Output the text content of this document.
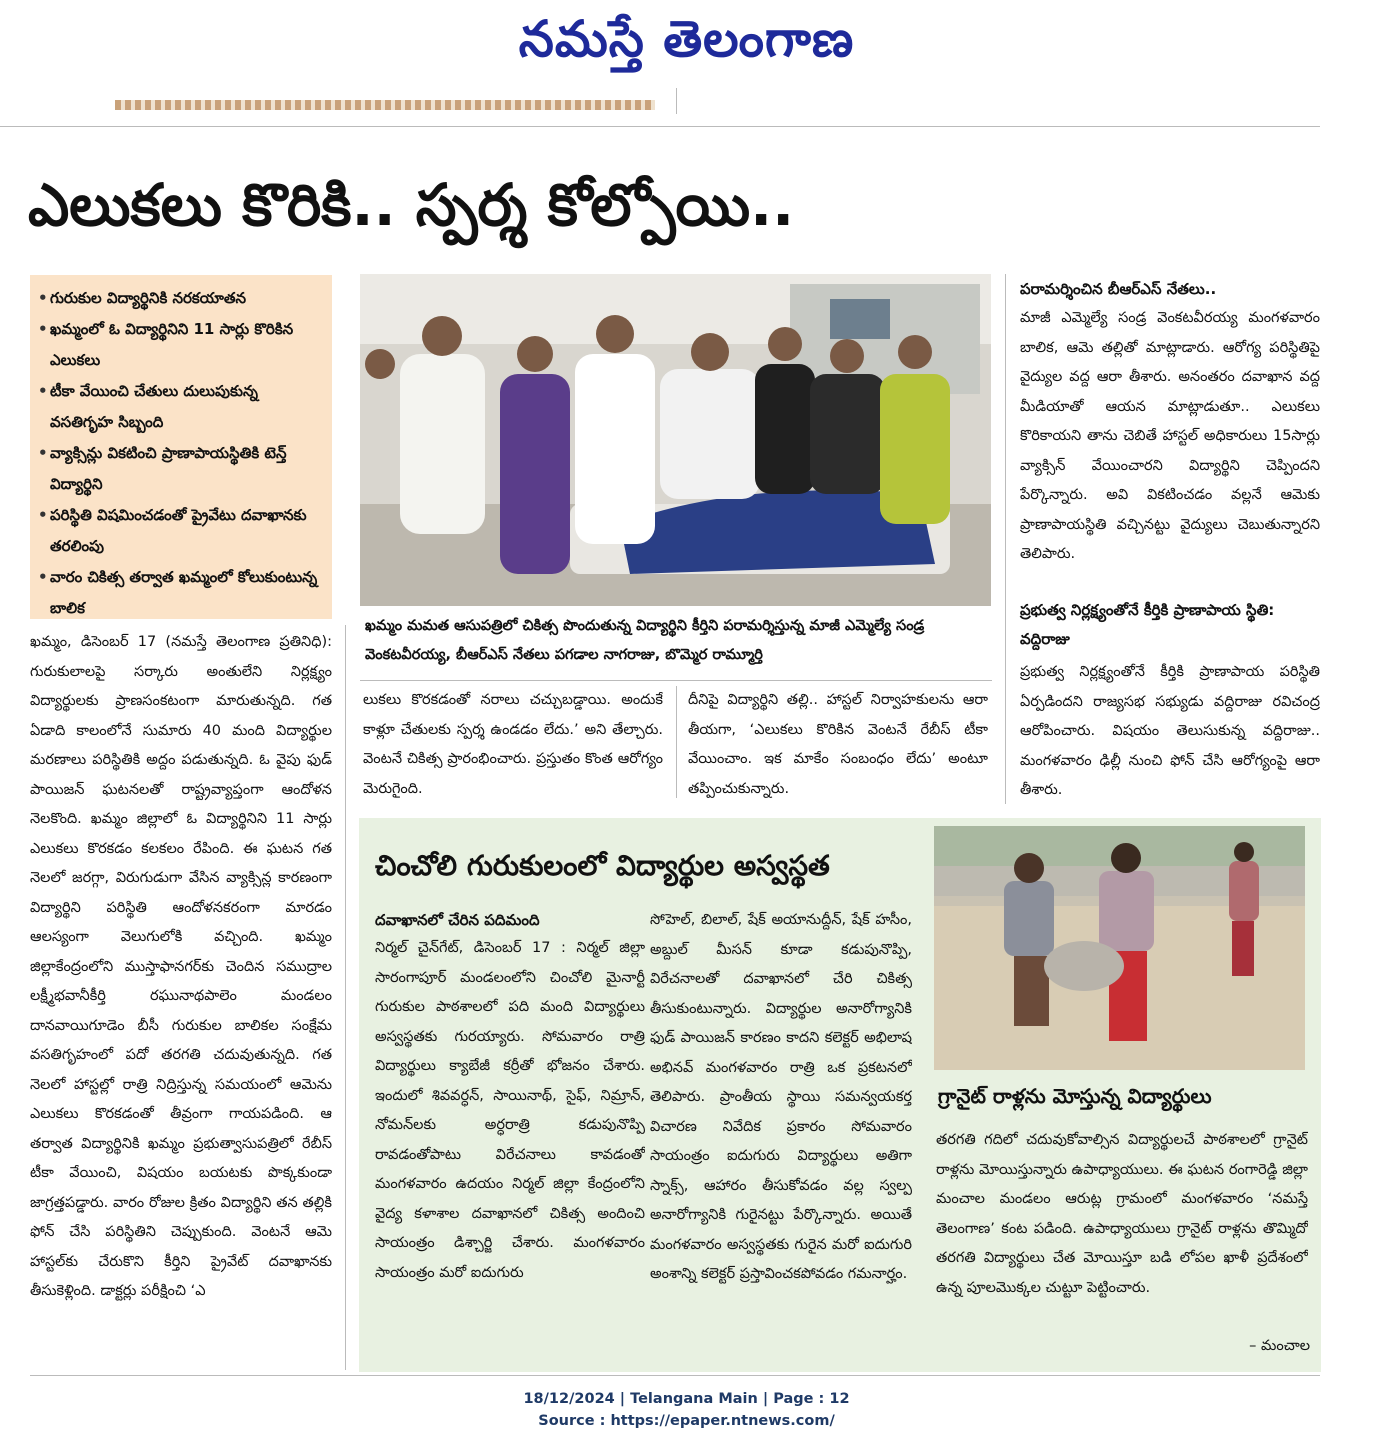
నమస్తే తెలంగాణ
ఎలుకలు కొరికి.. స్పర్శ కోల్పోయి..
• గురుకుల విద్యార్థినికి నరకయాతన
• ఖమ్మంలో ఓ విద్యార్థినిని 11 సార్లు కొరికిన ఎలుకలు
• టీకా వేయించి చేతులు దులుపుకున్న వసతిగృహ సిబ్బంది
• వ్యాక్సిన్లు వికటించి ప్రాణాపాయస్థితికి టెన్త్ విద్యార్థిని
• పరిస్థితి విషమించడంతో ప్రైవేటు దవాఖానకు తరలింపు
• వారం చికిత్స తర్వాత ఖమ్మంలో కోలుకుంటున్న బాలిక
ఖమ్మం, డిసెంబర్ 17 (నమస్తే తెలంగాణ ప్రతినిధి): గురుకులాలపై సర్కారు అంతులేని నిర్లక్ష్యం విద్యార్థులకు ప్రాణసంకటంగా మారుతున్నది. గత ఏడాది కాలంలోనే సుమారు 40 మంది విద్యార్థుల మరణాలు పరిస్థితికి అద్దం పడుతున్నది. ఓ వైపు ఫుడ్ పాయిజన్ ఘటనలతో రాష్ట్రవ్యాప్తంగా ఆందోళన నెలకొంది. ఖమ్మం జిల్లాలో ఓ విద్యార్థినిని 11 సార్లు ఎలుకలు కొరకడం కలకలం రేపింది. ఈ ఘటన గత నెలలో జరగ్గా, విరుగుడుగా వేసిన వ్యాక్సిన్ల కారణంగా విద్యార్థిని పరిస్థితి ఆందోళనకరంగా మారడం ఆలస్యంగా వెలుగులోకి వచ్చింది. ఖమ్మం జిల్లాకేంద్రంలోని ముస్తాఫానగర్‌కు చెందిన సముద్రాల లక్ష్మీభవానీకీర్తి రఘునాథపాలెం మండలం దానవాయిగూడెం బీసీ గురుకుల బాలికల సంక్షేమ వసతిగృహంలో పదో తరగతి చదువుతున్నది. గత నెలలో హాస్టల్లో రాత్రి నిద్రిస్తున్న సమయంలో ఆమెను ఎలుకలు కొరకడంతో తీవ్రంగా గాయపడింది. ఆ తర్వాత విద్యార్థినికి ఖమ్మం ప్రభుత్వాసుపత్రిలో రేబీస్ టీకా వేయించి, విషయం బయటకు పొక్కకుండా జాగ్రత్తపడ్డారు. వారం రోజుల క్రితం విద్యార్థిని తన తల్లికి ఫోన్ చేసి పరిస్థితిని చెప్పుకుంది. వెంటనే ఆమె హాస్టల్‌కు చేరుకొని కీర్తిని ప్రైవేట్ దవాఖానకు తీసుకెళ్లింది. డాక్టర్లు పరీక్షించి ‘ఎ
ఖమ్మం మమత ఆసుపత్రిలో చికిత్స పొందుతున్న విద్యార్థిని కీర్తిని పరామర్శిస్తున్న మాజీ ఎమ్మెల్యే సండ్ర వెంకటవీరయ్య, బీఆర్ఎస్ నేతలు పగడాల నాగరాజు, బొమ్మెర రామ్మూర్తి
లుకలు కొరకడంతో నరాలు చచ్చుబడ్డాయి. అందుకే కాళ్లూ చేతులకు స్పర్శ ఉండడం లేదు.’ అని తేల్చారు. వెంటనే చికిత్స ప్రారంభించారు. ప్రస్తుతం కొంత ఆరోగ్యం మెరుగైంది.
దీనిపై విద్యార్థిని తల్లి.. హాస్టల్ నిర్వాహకులను ఆరా తీయగా, ‘ఎలుకలు కొరికిన వెంటనే రేబీస్ టీకా వేయించాం. ఇక మాకేం సంబంధం లేదు’ అంటూ తప్పించుకున్నారు.
పరామర్శించిన బీఆర్ఎస్ నేతలు..
మాజీ ఎమ్మెల్యే సండ్ర వెంకటవీరయ్య మంగళవారం బాలిక, ఆమె తల్లితో మాట్లాడారు. ఆరోగ్య పరిస్థితిపై వైద్యుల వద్ద ఆరా తీశారు. అనంతరం దవాఖాన వద్ద మీడియాతో ఆయన మాట్లాడుతూ.. ఎలుకలు కొరికాయని తాను చెబితే హాస్టల్ అధికారులు 15సార్లు వ్యాక్సిన్ వేయించారని విద్యార్థిని చెప్పిందని పేర్కొన్నారు. అవి వికటించడం వల్లనే ఆమెకు ప్రాణాపాయస్థితి వచ్చినట్టు వైద్యులు చెబుతున్నారని తెలిపారు.
ప్రభుత్వ నిర్లక్ష్యంతోనే కీర్తికి ప్రాణాపాయ స్థితి: వద్దిరాజు
ప్రభుత్వ నిర్లక్ష్యంతోనే కీర్తికి ప్రాణాపాయ పరిస్థితి ఏర్పడిందని రాజ్యసభ సభ్యుడు వద్దిరాజు రవిచంద్ర ఆరోపించారు. విషయం తెలుసుకున్న వద్దిరాజు.. మంగళవారం ఢిల్లీ నుంచి ఫోన్ చేసి ఆరోగ్యంపై ఆరా తీశారు.
చించోలి గురుకులంలో విద్యార్థుల అస్వస్థత
దవాఖానలో చేరిన పదిమంది
నిర్మల్ చైన్‌గేట్, డిసెంబర్ 17 : నిర్మల్ జిల్లా సారంగాపూర్ మండలంలోని చించోలి మైనార్టీ గురుకుల పాఠశాలలో పది మంది విద్యార్థులు అస్వస్థతకు గురయ్యారు. సోమవారం రాత్రి విద్యార్థులు క్యాబేజీ కర్రీతో భోజనం చేశారు. ఇందులో శివవర్ధన్, సాయినాథ్, సైఫ్, నిమ్రాన్, నోమన్‌లకు అర్ధరాత్రి కడుపునొప్పి రావడంతోపాటు విరేచనాలు కావడంతో మంగళవారం ఉదయం నిర్మల్ జిల్లా కేంద్రంలోని వైద్య కళాశాల దవాఖానలో చికిత్స అందించి సాయంత్రం డిశ్చార్జి చేశారు. మంగళవారం సాయంత్రం మరో ఐదుగురు
సోహెల్, బిలాల్, షేక్ అయానుద్దీన్, షేక్ హసీం, అబ్దుల్ మీసన్ కూడా కడుపునొప్పి, విరేచనాలతో దవాఖానలో చేరి చికిత్స తీసుకుంటున్నారు. విద్యార్థుల అనారోగ్యానికి ఫుడ్ పాయిజన్ కారణం కాదని కలెక్టర్ అభిలాష అభినవ్ మంగళవారం రాత్రి ఒక ప్రకటనలో తెలిపారు. ప్రాంతీయ స్థాయి సమన్వయకర్త విచారణ నివేదిక ప్రకారం సోమవారం సాయంత్రం ఐదుగురు విద్యార్థులు అతిగా స్నాక్స్, ఆహారం తీసుకోవడం వల్ల స్వల్ప అనారోగ్యానికి గురైనట్టు పేర్కొన్నారు. అయితే మంగళవారం అస్వస్థతకు గురైన మరో ఐదుగురి అంశాన్ని కలెక్టర్ ప్రస్తావించకపోవడం గమనార్హం.
గ్రానైట్ రాళ్లను మోస్తున్న విద్యార్థులు
తరగతి గదిలో చదువుకోవాల్సిన విద్యార్థులచే పాఠశాలలో గ్రానైట్ రాళ్లను మోయిస్తున్నారు ఉపాధ్యాయులు. ఈ ఘటన రంగారెడ్డి జిల్లా మంచాల మండలం ఆరుట్ల గ్రామంలో మంగళవారం ‘నమస్తే తెలంగాణ’ కంట పడింది. ఉపాధ్యాయులు గ్రానైట్ రాళ్లను తొమ్మిదో తరగతి విద్యార్థులు చేత మోయిస్తూ బడి లోపల ఖాళీ ప్రదేశంలో ఉన్న పూలమొక్కల చుట్టూ పెట్టించారు.
– మంచాల
18/12/2024 | Telangana Main | Page : 12
Source : https://epaper.ntnews.com/
